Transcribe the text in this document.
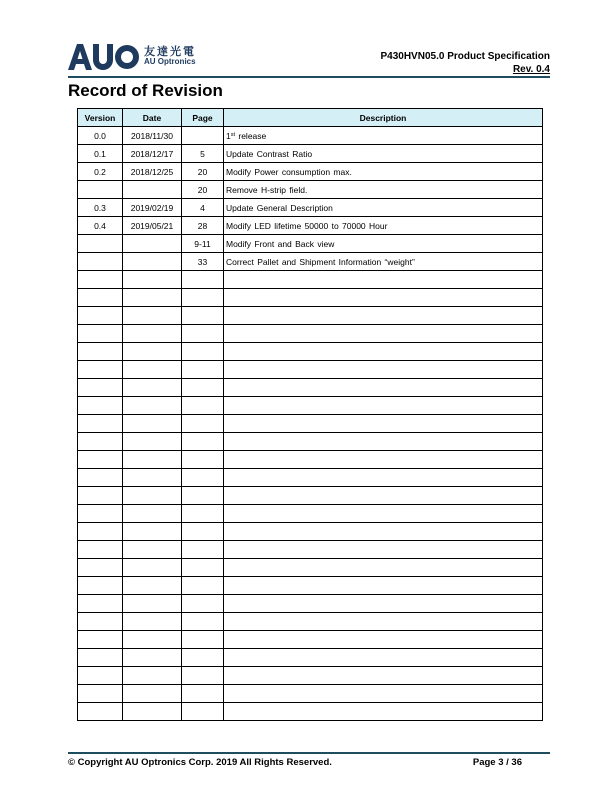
友達光電
AU Optronics	P430HVN05.0 Product Specification
Rev. 0.4
Record of Revision
Version	Date	Page	Description
0.0	2018/11/30		1st release
0.1	2018/12/17	5	Update Contrast Ratio
0.2	2018/12/25	20	Modify Power consumption max.
		20	Remove H-strip field.
0.3	2019/02/19	4	Update General Description
0.4	2019/05/21	28	Modify LED lifetime 50000 to 70000 Hour
		9-11	Modify Front and Back view
		33	Correct Pallet and Shipment Information “weight”

© Copyright AU Optronics Corp. 2019 All Rights Reserved.	Page 3 / 36
